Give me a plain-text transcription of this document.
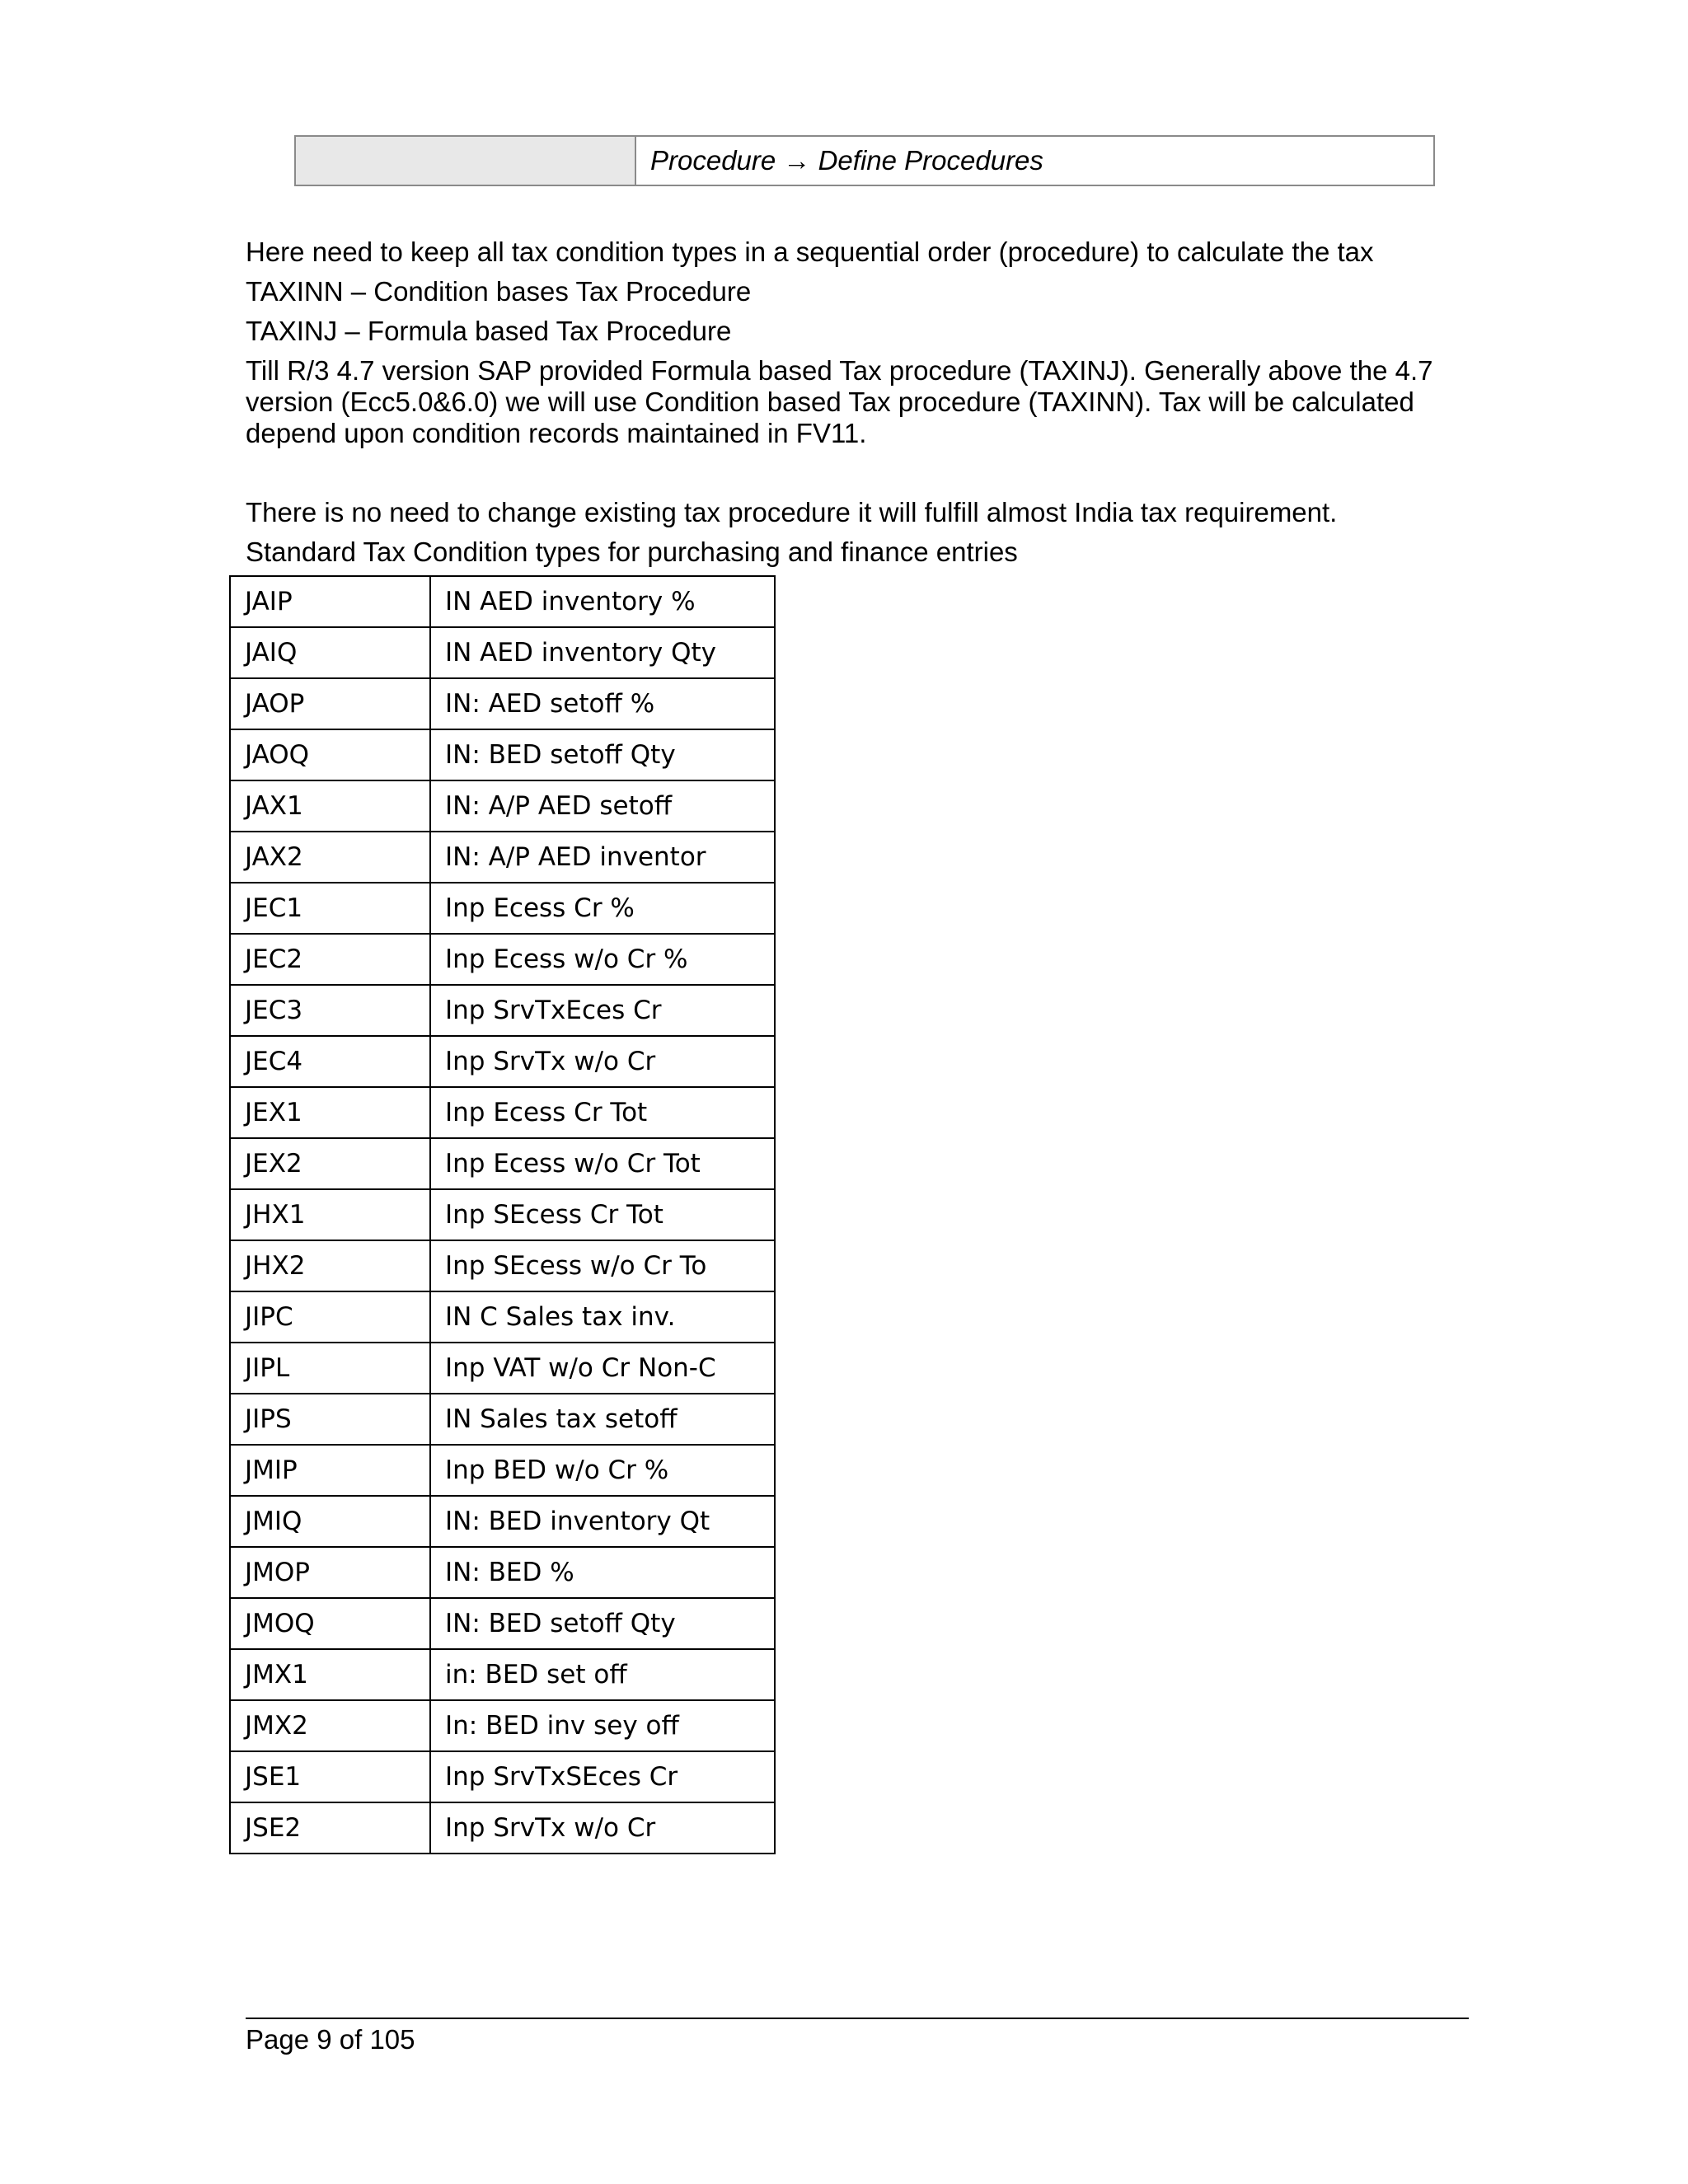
Procedure → Define Procedures

Here need to keep all tax condition types in a sequential order (procedure) to calculate the tax

TAXINN – Condition bases Tax Procedure

TAXINJ – Formula based Tax Procedure

Till R/3 4.7 version SAP provided Formula based Tax procedure (TAXINJ). Generally above the 4.7 version (Ecc5.0&6.0) we will use Condition based Tax procedure (TAXINN). Tax will be calculated depend upon condition records maintained in FV11.

There is no need to change existing tax procedure it will fulfill almost India tax requirement.

Standard Tax Condition types for purchasing and finance entries

JAIP	IN AED inventory %
JAIQ	IN AED inventory Qty
JAOP	IN: AED setoff %
JAOQ	IN: BED setoff Qty
JAX1	IN: A/P AED setoff
JAX2	IN: A/P AED inventor
JEC1	Inp Ecess Cr %
JEC2	Inp Ecess w/o Cr %
JEC3	Inp SrvTxEces Cr
JEC4	Inp SrvTx w/o Cr
JEX1	Inp Ecess Cr Tot
JEX2	Inp Ecess w/o Cr Tot
JHX1	Inp SEcess Cr Tot
JHX2	Inp SEcess w/o Cr To
JIPC	IN C Sales tax inv.
JIPL	Inp VAT w/o Cr Non-C
JIPS	IN Sales tax setoff
JMIP	Inp BED w/o Cr %
JMIQ	IN: BED inventory Qt
JMOP	IN: BED %
JMOQ	IN: BED setoff Qty
JMX1	in: BED set off
JMX2	In: BED inv sey off
JSE1	Inp SrvTxSEces Cr
JSE2	Inp SrvTx w/o Cr
Page 9 of 105
